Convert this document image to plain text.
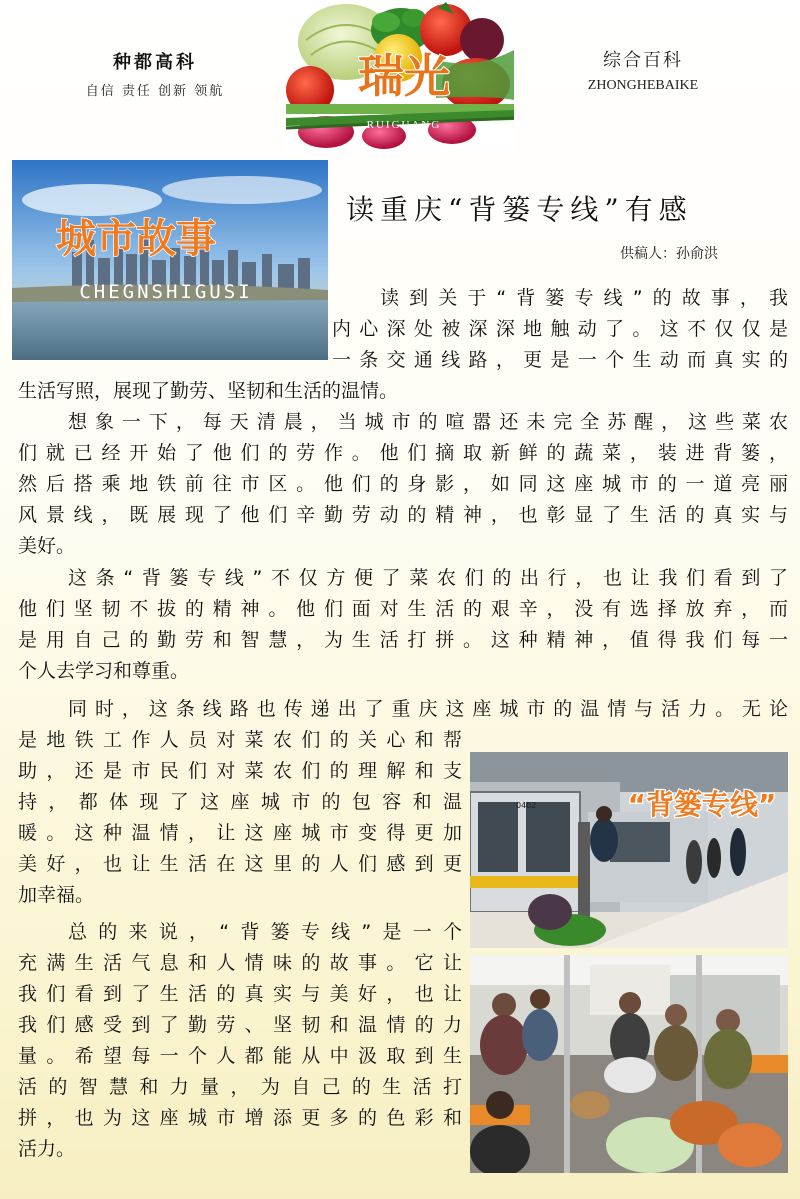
种都高科
自信 责任 创新 领航	瑞光
RUIGUANG
综合百科
ZHONGHEBAIKE
城市故事
CHEGNSHIGUSI
读重庆“背篓专线”有感
供稿人：孙俞洪

读到关于“背篓专线”的故事，我

内心深处被深深地触动了。这不仅仅是

一条交通线路，更是一个生动而真实的

生活写照，展现了勤劳、坚韧和生活的温情。

想象一下，每天清晨，当城市的喧嚣还未完全苏醒，这些菜农

们就已经开始了他们的劳作。他们摘取新鲜的蔬菜，装进背篓，

然后搭乘地铁前往市区。他们的身影，如同这座城市的一道亮丽

风景线，既展现了他们辛勤劳动的精神，也彰显了生活的真实与

美好。

这条“背篓专线”不仅方便了菜农们的出行，也让我们看到了

他们坚韧不拔的精神。他们面对生活的艰辛，没有选择放弃，而

是用自己的勤劳和智慧，为生活打拼。这种精神，值得我们每一

个人去学习和尊重。

同时，这条线路也传递出了重庆这座城市的温情与活力。无论

是地铁工作人员对菜农们的关心和帮

助，还是市民们对菜农们的理解和支

持，都体现了这座城市的包容和温

暖。这种温情，让这座城市变得更加

美好，也让生活在这里的人们感到更

加幸福。

总的来说，“背篓专线”是一个

充满生活气息和人情味的故事。它让

我们看到了生活的真实与美好，也让

我们感受到了勤劳、坚韧和温情的力

量。希望每一个人都能从中汲取到生

活的智慧和力量，为自己的生活打

拼，也为这座城市增添更多的色彩和

活力。

0402	“背篓专线”
